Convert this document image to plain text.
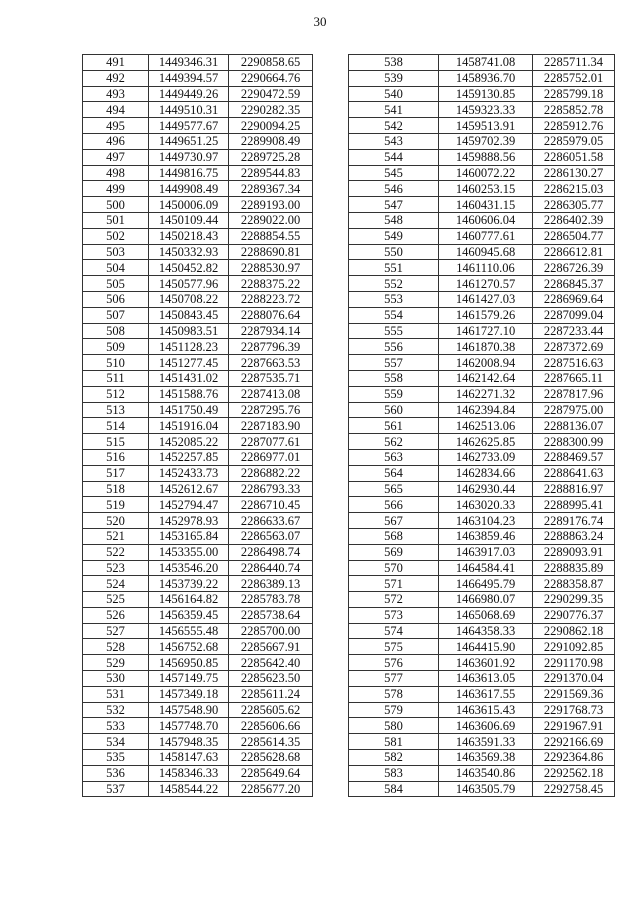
30
491	1449346.31	2290858.65
492	1449394.57	2290664.76
493	1449449.26	2290472.59
494	1449510.31	2290282.35
495	1449577.67	2290094.25
496	1449651.25	2289908.49
497	1449730.97	2289725.28
498	1449816.75	2289544.83
499	1449908.49	2289367.34
500	1450006.09	2289193.00
501	1450109.44	2289022.00
502	1450218.43	2288854.55
503	1450332.93	2288690.81
504	1450452.82	2288530.97
505	1450577.96	2288375.22
506	1450708.22	2288223.72
507	1450843.45	2288076.64
508	1450983.51	2287934.14
509	1451128.23	2287796.39
510	1451277.45	2287663.53
511	1451431.02	2287535.71
512	1451588.76	2287413.08
513	1451750.49	2287295.76
514	1451916.04	2287183.90
515	1452085.22	2287077.61
516	1452257.85	2286977.01
517	1452433.73	2286882.22
518	1452612.67	2286793.33
519	1452794.47	2286710.45
520	1452978.93	2286633.67
521	1453165.84	2286563.07
522	1453355.00	2286498.74
523	1453546.20	2286440.74
524	1453739.22	2286389.13
525	1456164.82	2285783.78
526	1456359.45	2285738.64
527	1456555.48	2285700.00
528	1456752.68	2285667.91
529	1456950.85	2285642.40
530	1457149.75	2285623.50
531	1457349.18	2285611.24
532	1457548.90	2285605.62
533	1457748.70	2285606.66
534	1457948.35	2285614.35
535	1458147.63	2285628.68
536	1458346.33	2285649.64
537	1458544.22	2285677.20
538	1458741.08	2285711.34
539	1458936.70	2285752.01
540	1459130.85	2285799.18
541	1459323.33	2285852.78
542	1459513.91	2285912.76
543	1459702.39	2285979.05
544	1459888.56	2286051.58
545	1460072.22	2286130.27
546	1460253.15	2286215.03
547	1460431.15	2286305.77
548	1460606.04	2286402.39
549	1460777.61	2286504.77
550	1460945.68	2286612.81
551	1461110.06	2286726.39
552	1461270.57	2286845.37
553	1461427.03	2286969.64
554	1461579.26	2287099.04
555	1461727.10	2287233.44
556	1461870.38	2287372.69
557	1462008.94	2287516.63
558	1462142.64	2287665.11
559	1462271.32	2287817.96
560	1462394.84	2287975.00
561	1462513.06	2288136.07
562	1462625.85	2288300.99
563	1462733.09	2288469.57
564	1462834.66	2288641.63
565	1462930.44	2288816.97
566	1463020.33	2288995.41
567	1463104.23	2289176.74
568	1463859.46	2288863.24
569	1463917.03	2289093.91
570	1464584.41	2288835.89
571	1466495.79	2288358.87
572	1466980.07	2290299.35
573	1465068.69	2290776.37
574	1464358.33	2290862.18
575	1464415.90	2291092.85
576	1463601.92	2291170.98
577	1463613.05	2291370.04
578	1463617.55	2291569.36
579	1463615.43	2291768.73
580	1463606.69	2291967.91
581	1463591.33	2292166.69
582	1463569.38	2292364.86
583	1463540.86	2292562.18
584	1463505.79	2292758.45
